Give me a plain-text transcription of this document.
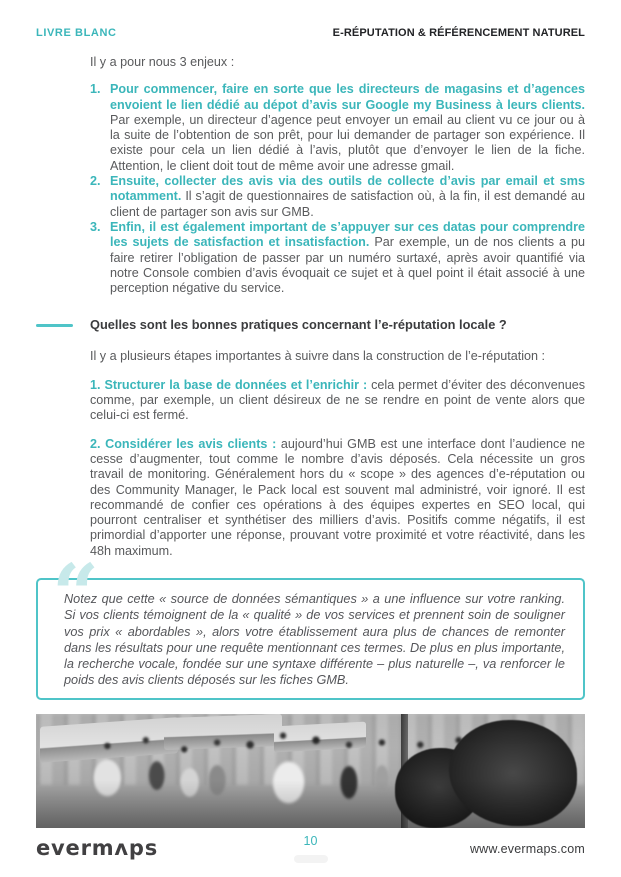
LIVRE BLANC	E-RÉPUTATION & RÉFÉRENCEMENT NATUREL

Il y a pour nous 3 enjeux :

1. Pour commencer, faire en sorte que les directeurs de magasins et d’agences envoient le lien dédié au dépot d’avis sur Google my Business à leurs clients. Par exemple, un directeur d’agence peut envoyer un email au client vu ce jour ou à la suite de l’obtention de son prêt, pour lui demander de partager son expérience. Il existe pour cela un lien dédié à l’avis, plutôt que d’envoyer le lien de la fiche. Attention, le client doit tout de même avoir une adresse gmail.

2. Ensuite, collecter des avis via des outils de collecte d’avis par email et sms notamment. Il s’agit de questionnaires de satisfaction où, à la fin, il est demandé au client de partager son avis sur GMB.

3. Enfin, il est également important de s’appuyer sur ces datas pour comprendre les sujets de satisfaction et insatisfaction. Par exemple, un de nos clients a pu faire retirer l’obligation de passer par un numéro surtaxé, après avoir quantifié via notre Console combien d’avis évoquait ce sujet et à quel point il était associé à une perception négative du service.

Quelles sont les bonnes pratiques concernant l’e-réputation locale ?

Il y a plusieurs étapes importantes à suivre dans la construction de l’e-réputation :

1. Structurer la base de données et l’enrichir : cela permet d’éviter des déconvenues comme, par exemple, un client désireux de ne se rendre en point de vente alors que celui-ci est fermé.

2. Considérer les avis clients : aujourd’hui GMB est une interface dont l’audience ne cesse d’augmenter, tout comme le nombre d’avis déposés. Cela nécessite un gros travail de monitoring. Généralement hors du « scope » des agences d’e-réputation ou des Community Manager, le Pack local est souvent mal administré, voir ignoré. Il est recommandé de confier ces opérations à des équipes expertes en SEO local, qui pourront centraliser et synthétiser des milliers d’avis. Positifs comme négatifs, il est primordial d’apporter une réponse, prouvant votre proximité et votre réactivité, dans les 48h maximum.

“

Notez que cette « source de données sémantiques » a une influence sur votre ranking. Si vos clients témoignent de la « qualité » de vos services et prennent soin de souligner vos prix « abordables », alors votre établissement aura plus de chances de remonter dans les résultats pour une requête mentionnant ces termes. De plus en plus importante, la recherche vocale, fondée sur une syntaxe différente – plus naturelle –, va renforcer le poids des avis clients déposés sur les fiches GMB.

evermʌps	10
www.evermaps.com
